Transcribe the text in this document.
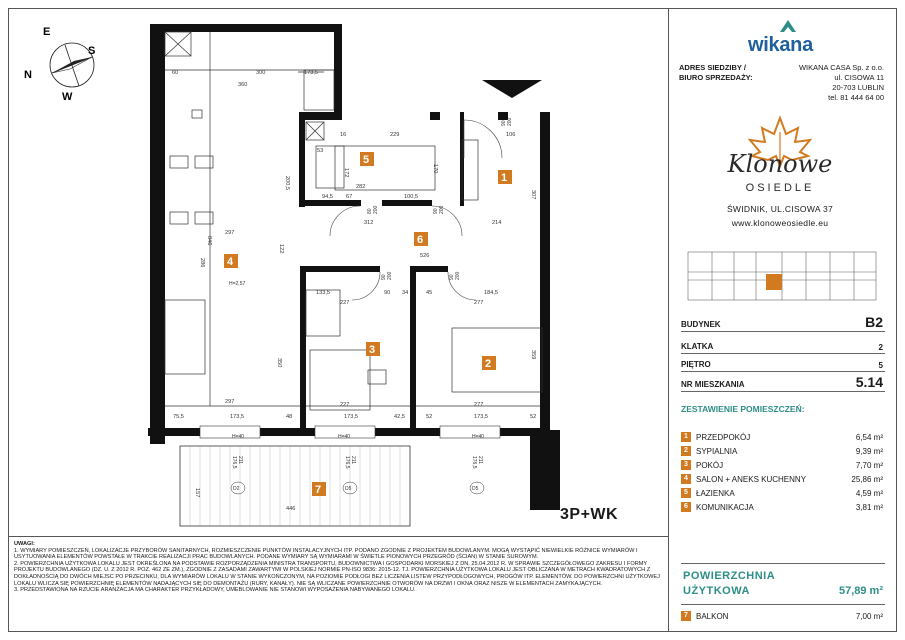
E
S
N
W
1
2
3
4
5
6
7
H=2,57
60	300	173,5
360
200,5
297
122
846
286
350
297
75,5	173,5	48	173,5	42,5	52	173,5	52
227
227
277
133,5	90 34	45	184,5
277
526
312	214
90 200	90 200
90 200
90 200
80 200
106
307
359
229
16
53
170
172
94,5 67	100,5
282
446
157
176,5 211	176,5 211	176,5 211
H=40	H=40	H=40
D2	D5	D5
3P+WK
wikana
ADRES SIEDZIBY /
BIURO SPRZEDAŻY:
WIKANA CASA Sp. z o.o.
ul. CISOWA 11
20-703 LUBLIN
tel. 81 444 64 00
Klonowe
OSIEDLE
ŚWIDNIK, UL.CISOWA 37
www.klonoweosiedle.eu
BUDYNEK	B2
KLATKA	2
PIĘTRO	5
NR MIESZKANIA	5.14
ZESTAWIENIE POMIESZCZEŃ:
1	PRZEDPOKÓJ	6,54 m²
2	SYPIALNIA	9,39 m²
3	POKÓJ	7,70 m²
4	SALON + ANEKS KUCHENNY	25,86 m²
5	ŁAZIENKA	4,59 m²
6	KOMUNIKACJA	3,81 m²
POWIERZCHNIA
UŻYTKOWA	57,89 m²
7	BALKON	7,00 m²
UWAGI:
1. WYMIARY POMIESZCZEŃ, LOKALIZACJE PRZYBORÓW SANITARNYCH, ROZMIESZCZENIE PUNKTÓW INSTALACYJNYCH ITP. PODANO ZGODNIE Z PROJEKTEM BUDOWLANYM. MOGĄ WYSTĄPIĆ NIEWIELKIE RÓŻNICE WYMIARÓW I USYTUOWANIA ELEMENTÓW POWSTAŁE W TRAKCIE REALIZACJI PRAC BUDOWLANYCH. PODANE WYMIARY SĄ WYMIARAMI W ŚWIETLE PIONOWYCH PRZEGRÓD (ŚCIAN) W STANIE SUROWYM.
2. POWIERZCHNIA UŻYTKOWA LOKALU JEST OKREŚLONA NA PODSTAWIE ROZPORZĄDZENIA MINISTRA TRANSPORTU, BUDOWNICTWA I GOSPODARKI MORSKIEJ Z DN. 25.04.2012 R. W SPRAWIE SZCZEGÓŁOWEGO ZAKRESU I FORMY PROJEKTU BUDOWLANEGO (DZ. U. Z 2012 R. POZ. 462 ZE ZM.), ZGODNIE Z ZASADAMI ZAWARTYMI W POLSKIEJ NORMIE PN-ISO 9836: 2015-12. TJ. POWIERZCHNIA UŻYTKOWA LOKALU JEST OBLICZANA W METRACH KWADRATOWYCH Z DOKŁADNOŚCIĄ DO DWÓCH MIEJSC PO PRZECINKU, DLA WYMIARÓW LOKALU W STANIE WYKOŃCZONYM, NA POZIOMIE PODŁOGI BEZ LICZENIA LISTEW PRZYPODŁOGOWYCH, PROGÓW ITP. ELEMENTÓW. DO POWIERZCHNI UŻYTKOWEJ LOKALU WLICZA SIĘ POWIERZCHNIĘ ELEMENTÓW NADAJĄCYCH SIĘ DO DEMONTAŻU (RURY, KANAŁY). NIE SĄ WLICZANE POWIERZCHNIE OTWORÓW NA DRZWI I OKNA ORAZ NISZE W ELEMENTACH ZAMYKAJĄCYCH.
3. PRZEDSTAWIONA NA RZUCIE ARANŻACJA MA CHARAKTER PRZYKŁADOWY, UMEBLOWANIE NIE STANOWI WYPOSAŻENIA NABYWANEGO LOKALU.
